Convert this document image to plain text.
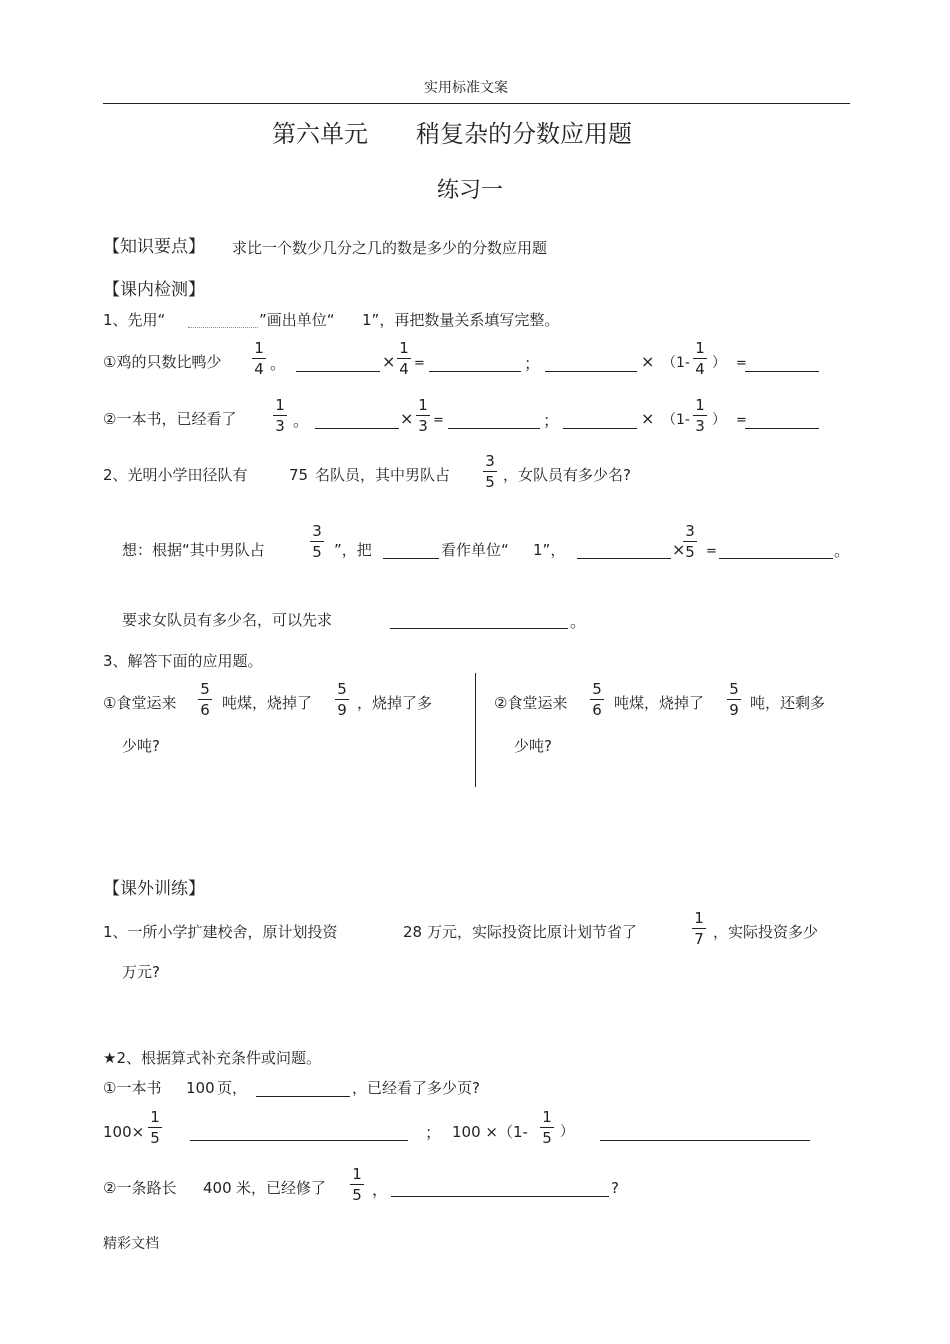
实用标准文案
第六单元 稍复杂的分数应用题
练习一
【知识要点】 求比一个数少几分之几的数是多少的分数应用题
【课内检测】
1、先用“	”画出单位“ 1”，再把数量关系填写完整。
①鸡的只数比鸭少
1
4 。	×
1
4 =	；	× （1-
1
4 ） =
②一本书，已经看了
1
3 。	×
1
3 =	；	× （1-
1
3 ） =
2、光明小学田径队有	75 名队员，其中男队占
3
5 ，女队员有多少名?
想：根据“其中男队占
3
5 ”，把	看作单位“ 1”，	×
3
5 =	。
要求女队员有多少名，可以先求	。
3、解答下面的应用题。
①食堂运来
5
6 吨煤，烧掉了
5
9 ，烧掉了多
少吨?
②食堂运来
5
6 吨煤，烧掉了
5
9 吨，还剩多
少吨?
【课外训练】
1、一所小学扩建校舍，原计划投资	28 万元，实际投资比原计划节省了
1
7 ，实际投资多少
万元?
★2、根据算式补充条件或问题。
①一本书 100 页，	，已经看了多少页?
100×
1
5	； 100 ×（1-
1
5 ）
②一条路长 400 米，已经修了
1
5 ，	?
精彩文档
